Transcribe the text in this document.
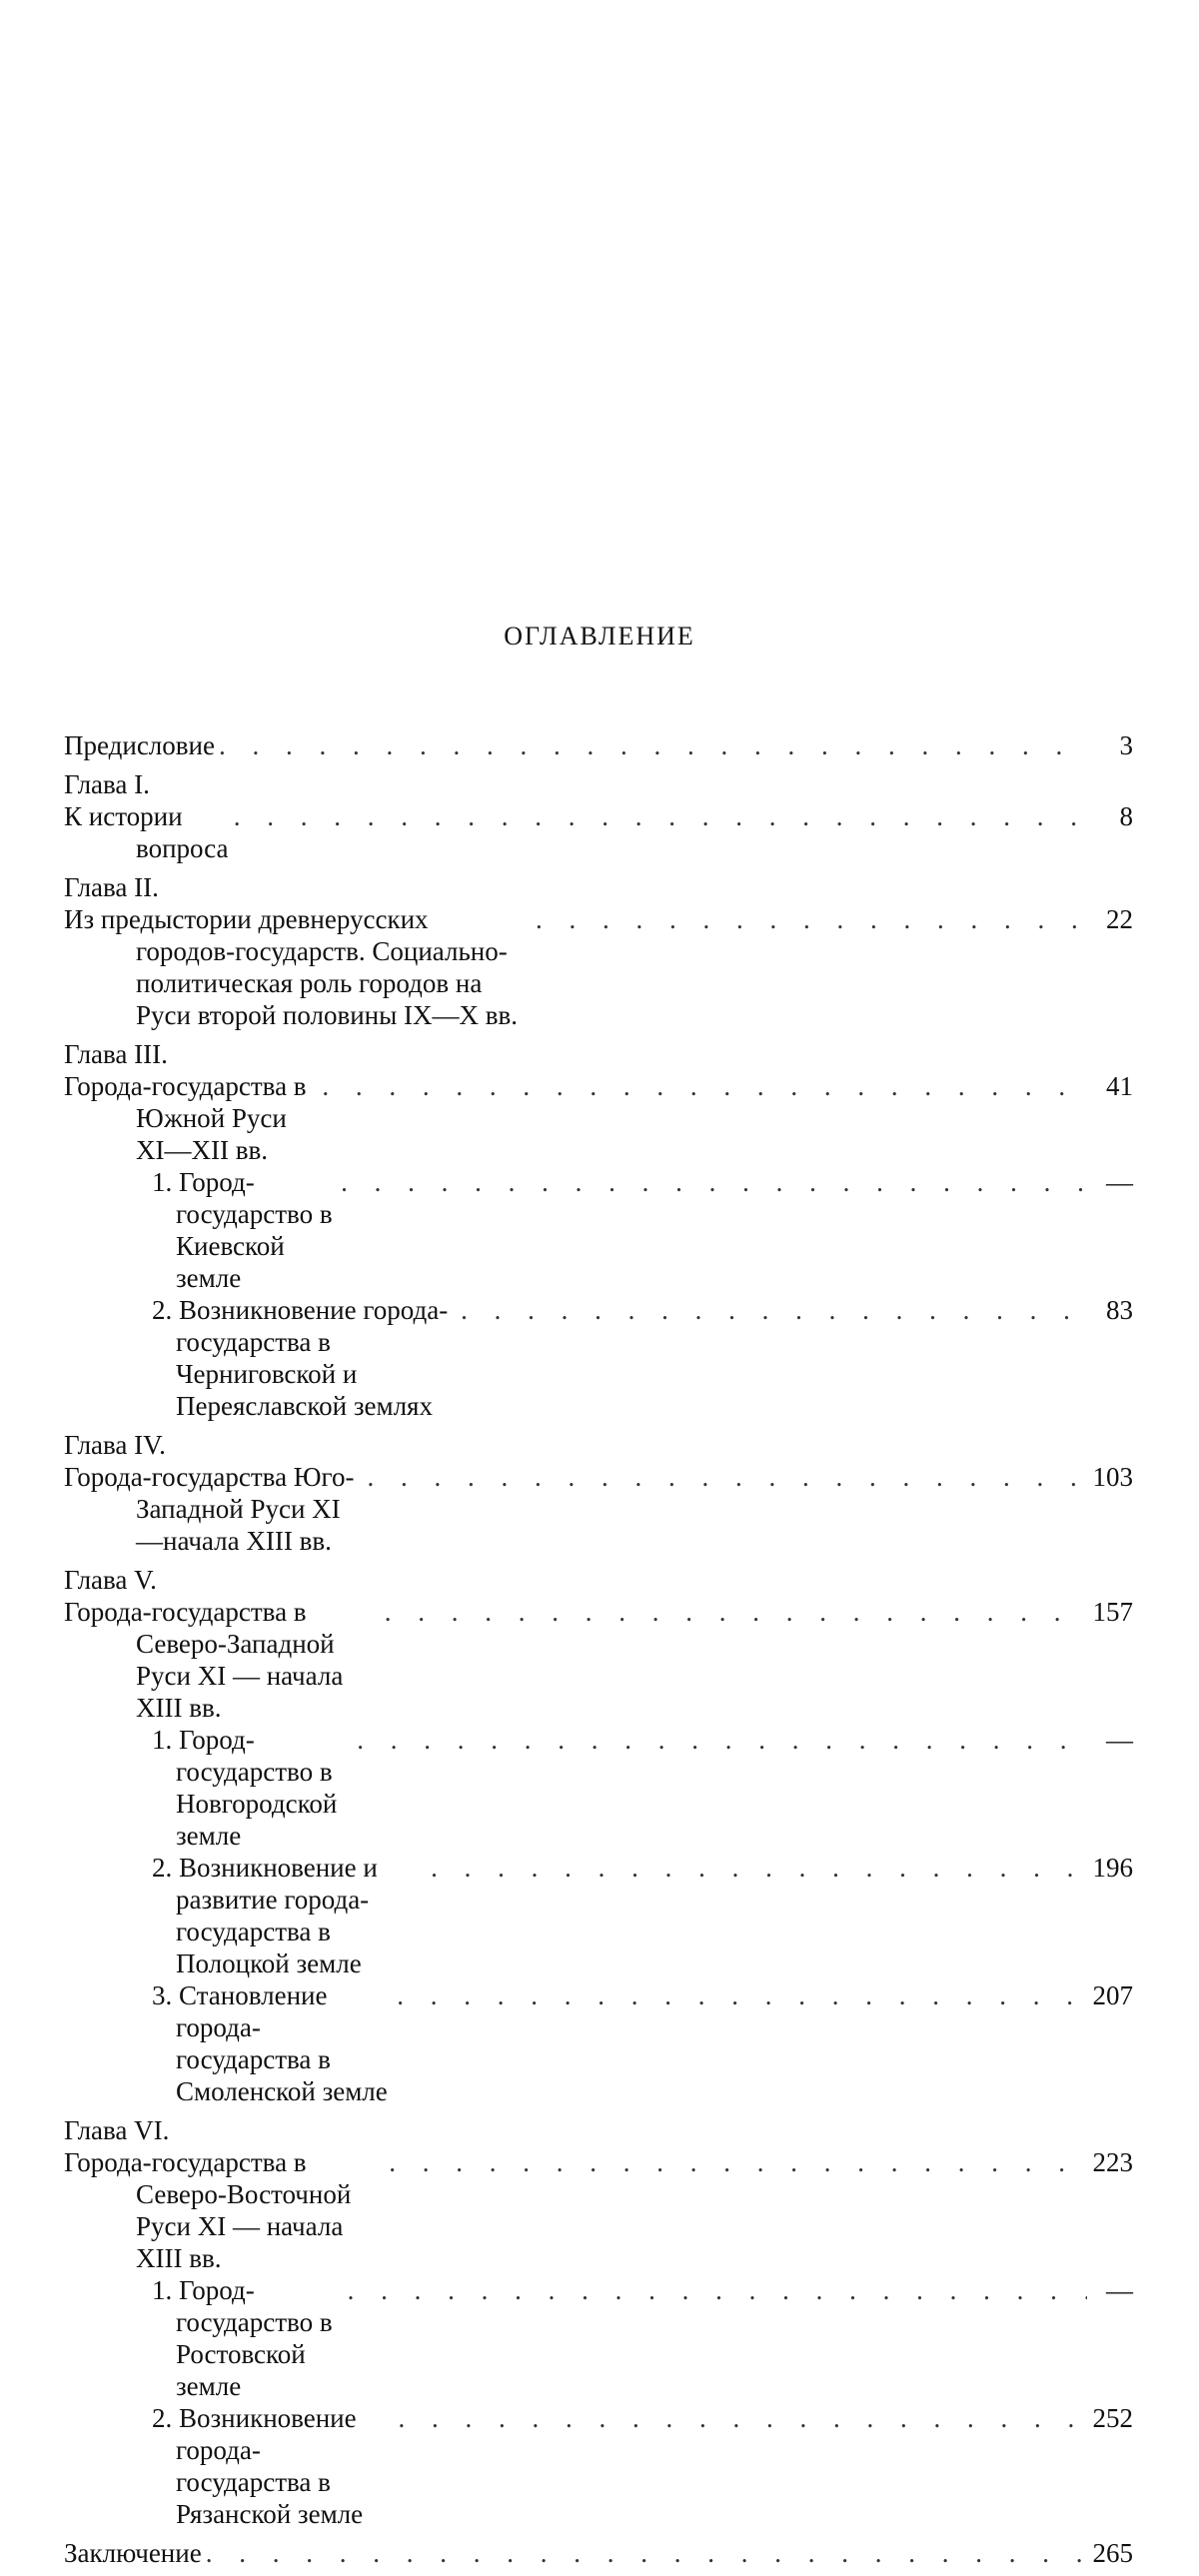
ОГЛАВЛЕНИЕ
Предисловие . . .	3
Глава I.
К истории вопроса
. . .
8
Глава II.
Из предыстории древнерусских городов-государств. Социально-политическая роль городов на Руси второй половины IX—X вв.
. . .
22
Глава III.
Города-государства в Южной Руси XI—XII вв.
. . .
41
1. Город-государство в Киевской земле
. . .
—
2. Возникновение города-государства в Черниговской и Переяславской землях
. . .
83
Глава IV.
Города-государства Юго-Западной Руси XI—начала XIII вв.
. . .
103
Глава V.
Города-государства в Северо-Западной Руси XI — начала XIII вв.
. . .
157
1. Город-государство в Новгородской земле
. . .
—
2. Возникновение и развитие города-государства в Полоцкой земле
. . .
196
3. Становление города-государства в Смоленской земле
. . .
207
Глава VI.
Города-государства в Северо-Восточной Руси XI — начала XIII вв.
. . .
223
1. Город-государство в Ростовской земле
. . .
—
2. Возникновение города-государства в Рязанской земле
. . .
252
Заключение . . .	265
